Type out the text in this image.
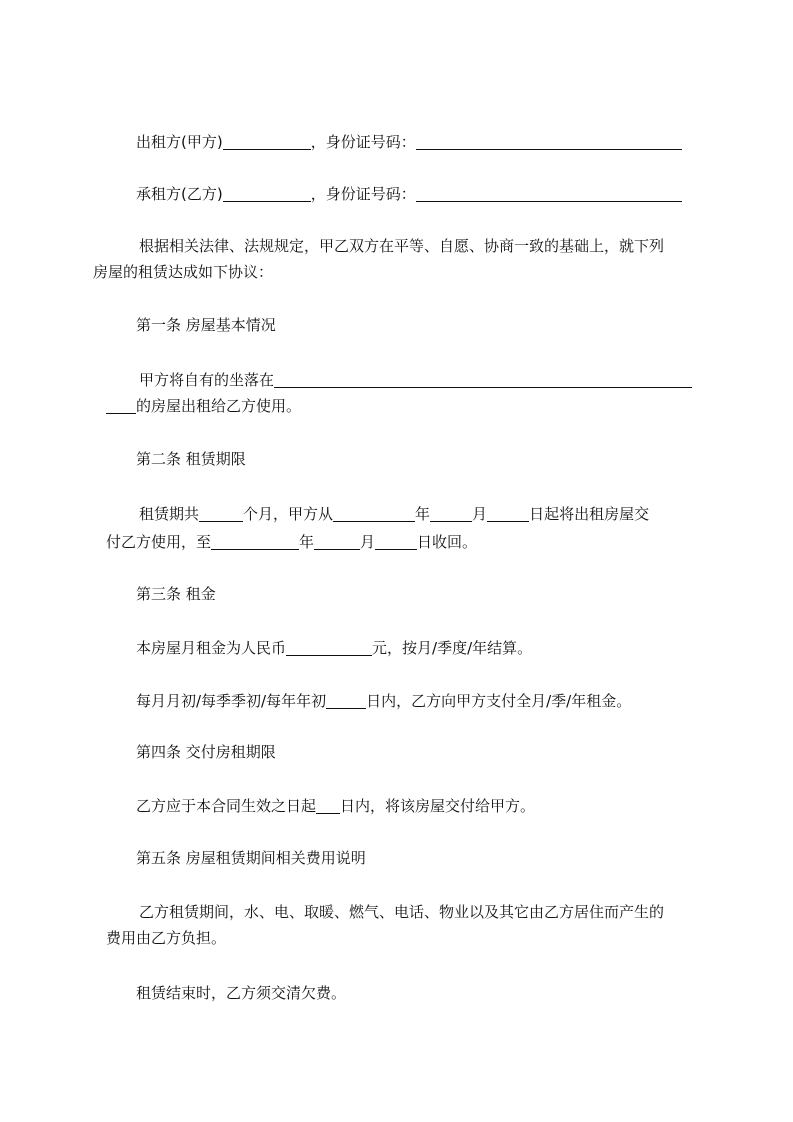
出租方(甲方)	，身份证号码：
承租方(乙方)	，身份证号码：
根据相关法律、法规规定，甲乙双方在平等、自愿、协商一致的基础上，就下列
房屋的租赁达成如下协议：
第一条 房屋基本情况
甲方将自有的坐落在
的房屋出租给乙方使用。
第二条 租赁期限
租赁期共	个月，甲方从	年	月	日起将出租房屋交
付乙方使用，至	年	月	日收回。
第三条 租金
本房屋月租金为人民币	元，按月/季度/年结算。
每月月初/每季季初/每年年初	日内，乙方向甲方支付全月/季/年租金。
第四条 交付房租期限
乙方应于本合同生效之日起 日内，将该房屋交付给甲方。
第五条 房屋租赁期间相关费用说明
乙方租赁期间，水、电、取暖、燃气、电话、物业以及其它由乙方居住而产生的
费用由乙方负担。
租赁结束时，乙方须交清欠费。
